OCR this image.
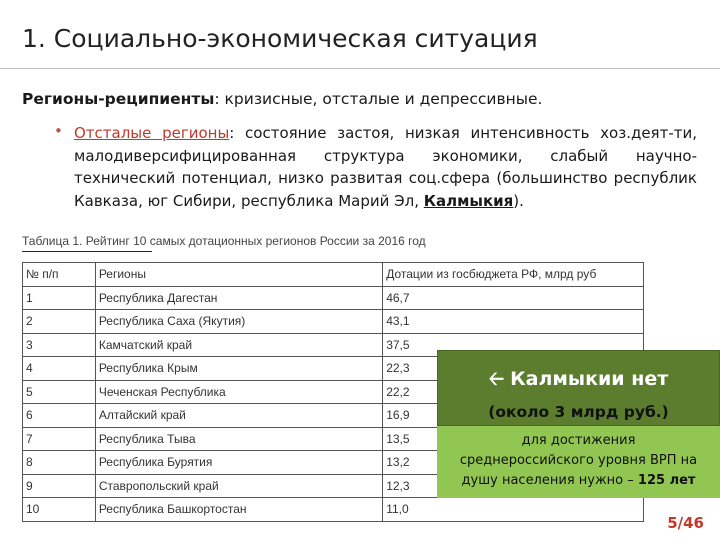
1. Социально-экономическая ситуация
Регионы-реципиенты: кризисные, отсталые и депрессивные.
• Отсталые регионы: состояние застоя, низкая интенсивность хоз.деят-ти, малодиверсифицированная структура экономики, слабый научно-технический потенциал, низко развитая соц.сфера (большинство республик Кавказа, юг Сибири, республика Марий Эл, Калмыкия).
Таблица 1. Рейтинг 10 самых дотационных регионов России за 2016 год
№ п/п	Регионы	Дотации из госбюджета РФ, млрд руб
1	Республика Дагестан	46,7
2	Республика Саха (Якутия)	43,1
3	Камчатский край	37,5
4	Республика Крым	22,3
5	Чеченская Республика	22,2
6	Алтайский край	16,9
7	Республика Тыва	13,5
8	Республика Бурятия	13,2
9	Ставропольский край	12,3
10	Республика Башкортостан	11,0
🡠 Калмыкии нет
(около 3 млрд руб.)
для достижения
среднероссийского уровня ВРП на
душу населения нужно – 125 лет
5/46
